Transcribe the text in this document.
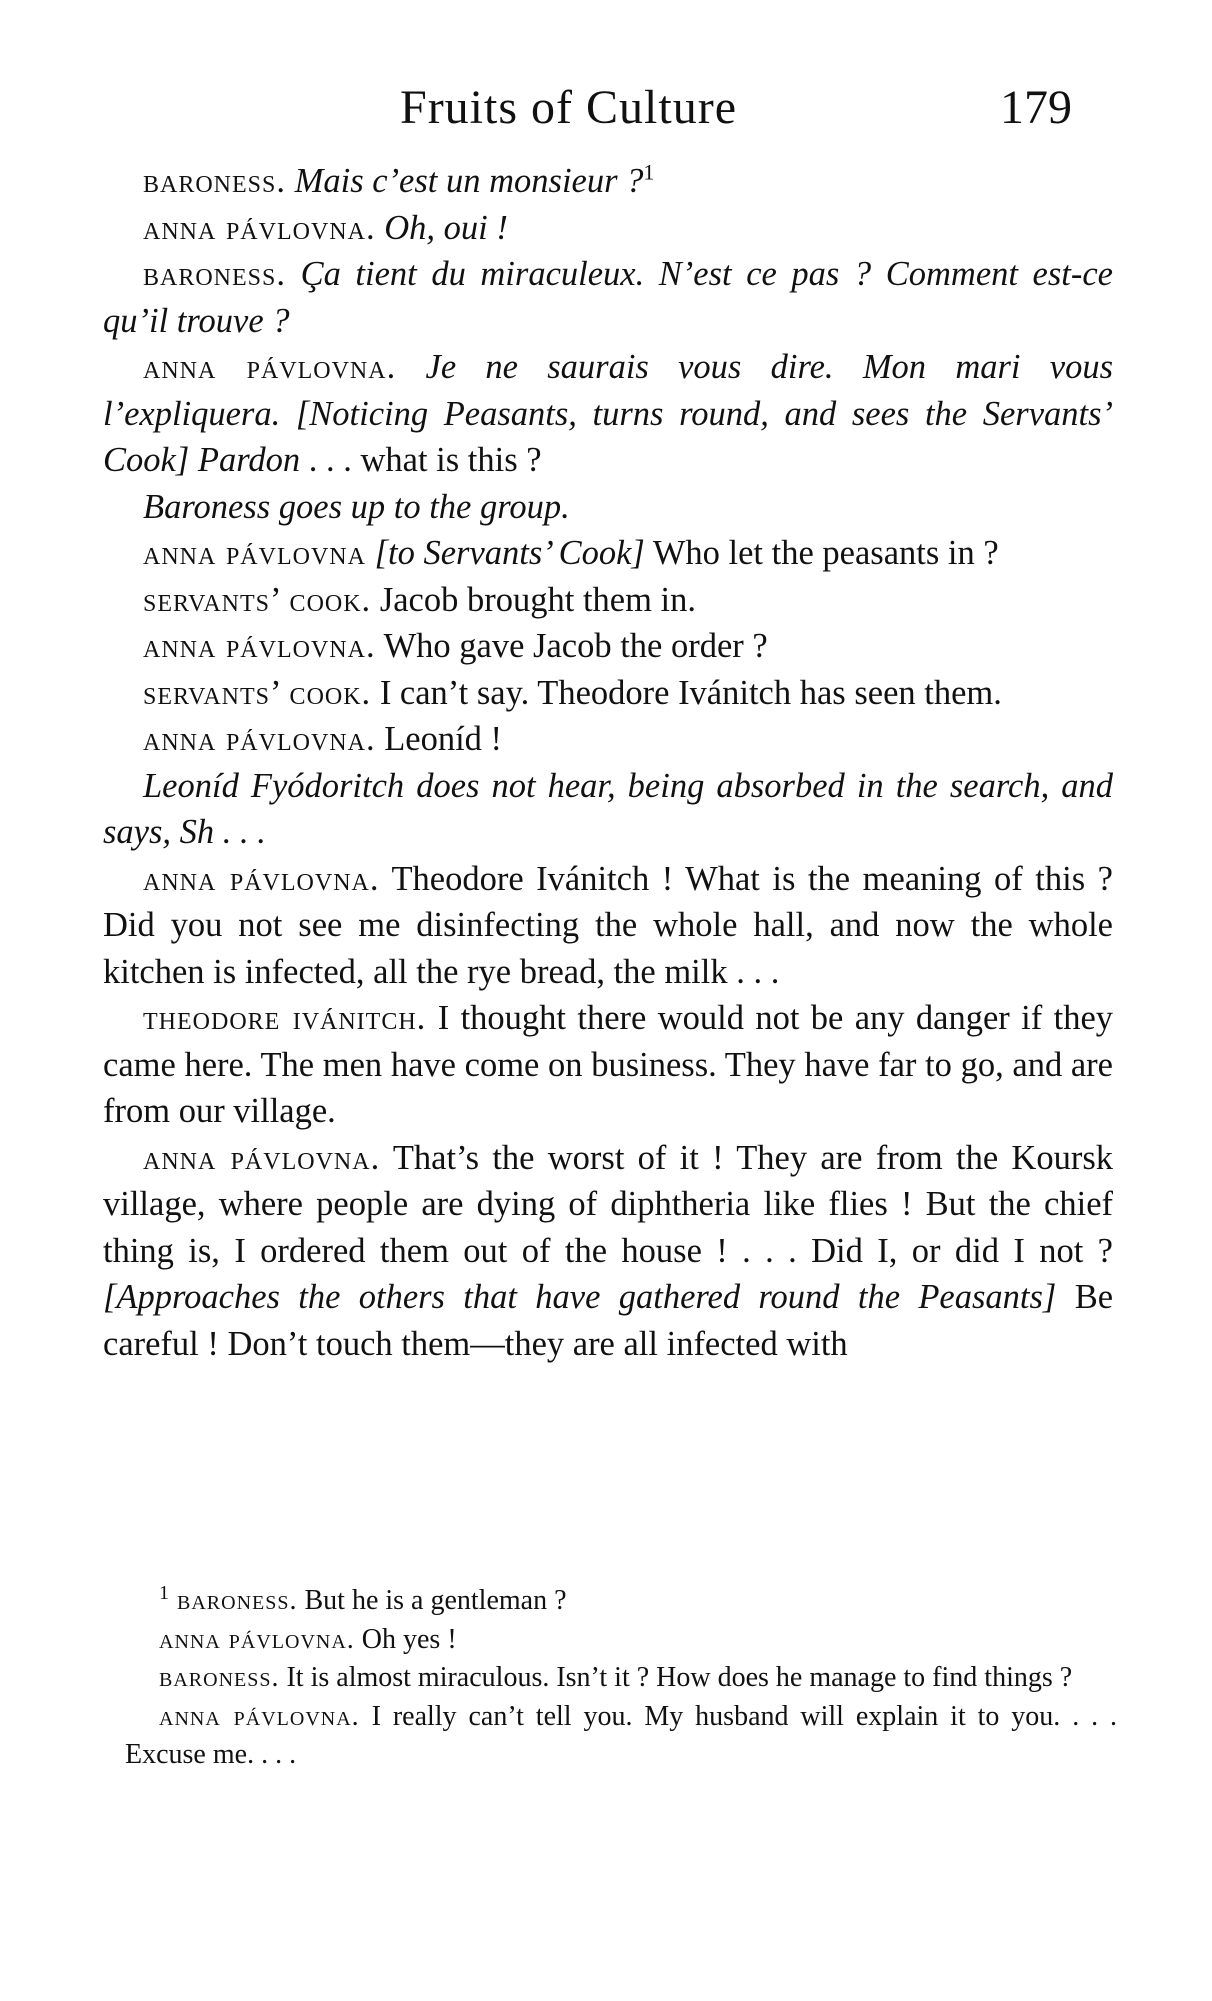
Fruits of Culture	179

baroness. Mais c’est un monsieur ?$^1$

anna pávlovna. Oh, oui !

baroness. Ça tient du miraculeux. N’est ce pas ? Comment est-ce qu’il trouve ?

anna pávlovna. Je ne saurais vous dire. Mon mari vous l’expliquera. [Noticing Peasants, turns round, and sees the Servants’ Cook] Pardon . . . what is this ?

Baroness goes up to the group.

anna pávlovna [to Servants’ Cook] Who let the peasants in ?

servants’ cook. Jacob brought them in.

anna pávlovna. Who gave Jacob the order ?

servants’ cook. I can’t say. Theodore Ivánitch has seen them.

anna pávlovna. Leoníd !

Leoníd Fyódoritch does not hear, being absorbed in the search, and says, Sh . . .

anna pávlovna. Theodore Ivánitch ! What is the meaning of this ? Did you not see me disinfecting the whole hall, and now the whole kitchen is infected, all the rye bread, the milk . . .

theodore ivánitch. I thought there would not be any danger if they came here. The men have come on business. They have far to go, and are from our village.

anna pávlovna. That’s the worst of it ! They are from the Koursk village, where people are dying of diphtheria like flies ! But the chief thing is, I ordered them out of the house ! . . . Did I, or did I not ? [Approaches the others that have gathered round the Peasants] Be careful ! Don’t touch them—they are all infected with

$^1$ baroness. But he is a gentleman ?

anna pávlovna. Oh yes !

baroness. It is almost miraculous. Isn’t it ? How does he manage to find things ?

anna pávlovna. I really can’t tell you. My husband will explain it to you. . . . Excuse me. . . .
